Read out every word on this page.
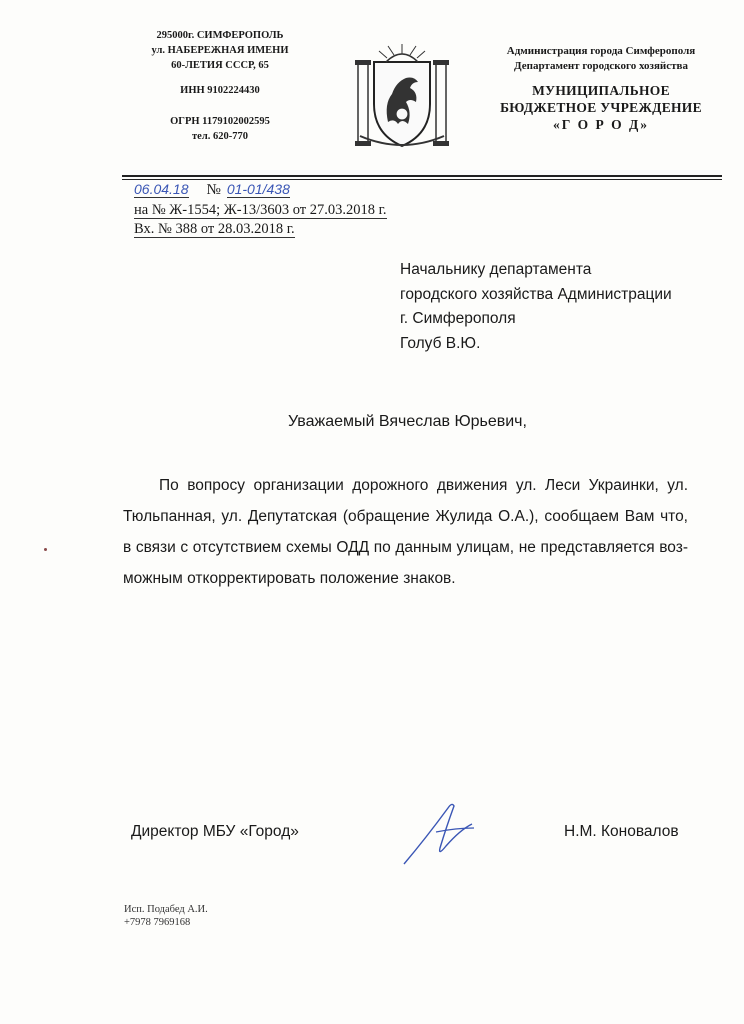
295000г. СИМФЕРОПОЛЬ
ул. НАБЕРЕЖНАЯ ИМЕНИ
60-ЛЕТИЯ СССР, 65
ИНН 9102224430
ОГРН 1179102002595
тел. 620-770
Администрация города Симферополя
Департамент городского хозяйства
МУНИЦИПАЛЬНОЕ
БЮДЖЕТНОЕ УЧРЕЖДЕНИЕ
«Г О Р О Д»
06.04.18 № 01-01/438
на № Ж-1554; Ж-13/3603 от 27.03.2018 г.
Вх. № 388 от 28.03.2018 г.
Начальнику департамента
городского хозяйства Администрации
г. Симферополя
Голуб В.Ю.
Уважаемый Вячеслав Юрьевич,
По вопросу организации дорожного движения ул. Леси Украинки, ул.
Тюльпанная, ул. Депутатская (обращение Жулида О.А.), сообщаем Вам что,
в связи с отсутствием схемы ОДД по данным улицам, не представляется воз-
можным откорректировать положение знаков.
Директор МБУ «Город»	Н.М. Коновалов
Исп. Подабед А.И.
+7978 7969168
